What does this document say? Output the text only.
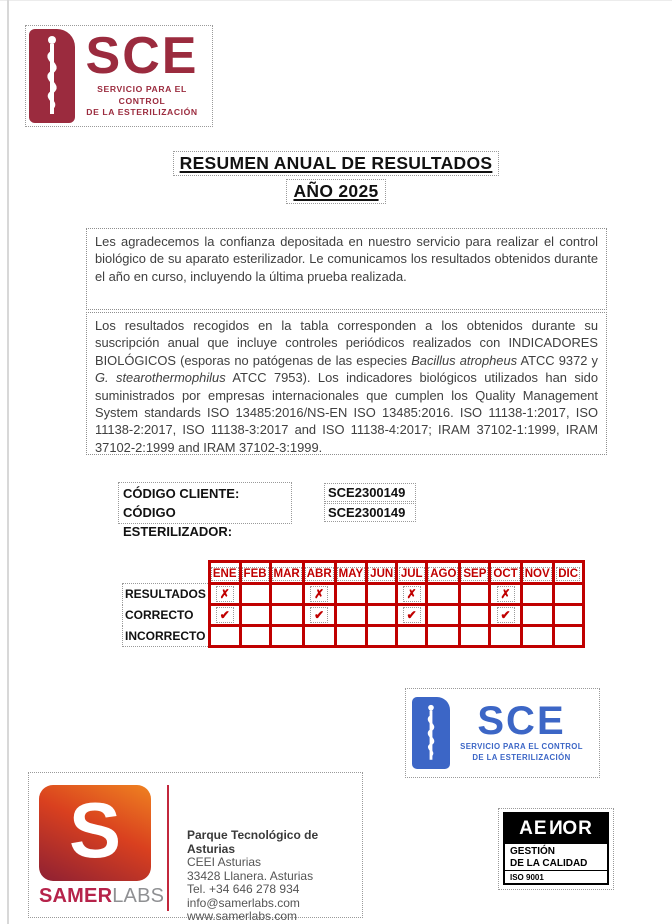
SCE
SERVICIO PARA EL CONTROL
DE LA ESTERILIZACIÓN
RESUMEN ANUAL DE RESULTADOS
AÑO 2025
Les agradecemos la confianza depositada en nuestro servicio para realizar el control biológico de su aparato esterilizador. Le comunicamos los resultados obtenidos durante el año en curso, incluyendo la última prueba realizada.
Los resultados recogidos en la tabla corresponden a los obtenidos durante su suscripción anual que incluye controles periódicos realizados con INDICADORES BIOLÓGICOS (esporas no patógenas de las especies Bacillus atropheus ATCC 9372 y G. stearothermophilus ATCC 7953). Los indicadores biológicos utilizados han sido suministrados por empresas internacionales que cumplen los Quality Management System standards ISO 13485:2016/NS-EN ISO 13485:2016. ISO 11138-1:2017, ISO 11138-2:2017, ISO 11138-3:2017 and ISO 11138-4:2017; IRAM 37102-1:1999, IRAM 37102-2:1999 and IRAM 37102-3:1999.
CÓDIGO CLIENTE:
CÓDIGO ESTERILIZADOR:
SCE2300149
SCE2300149
	ENE	FEB	MAR	ABR	MAY	JUN	JUL	AGO	SEP	OCT	NOV	DIC

RESULTADOS	✗			✗			✗			✗		

CORRECTO	✔			✔			✔			✔		

INCORRECTO												

SCE
SERVICIO PARA EL CONTROL
DE LA ESTERILIZACIÓN
S
SAMERLABS
Parque Tecnológico de Asturias
CEEI Asturias
33428 Llanera. Asturias
Tel. +34 646 278 934
info@samerlabs.com
www.samerlabs.com
AE N OR
GESTIÓN
DE LA CALIDAD
ISO 9001
